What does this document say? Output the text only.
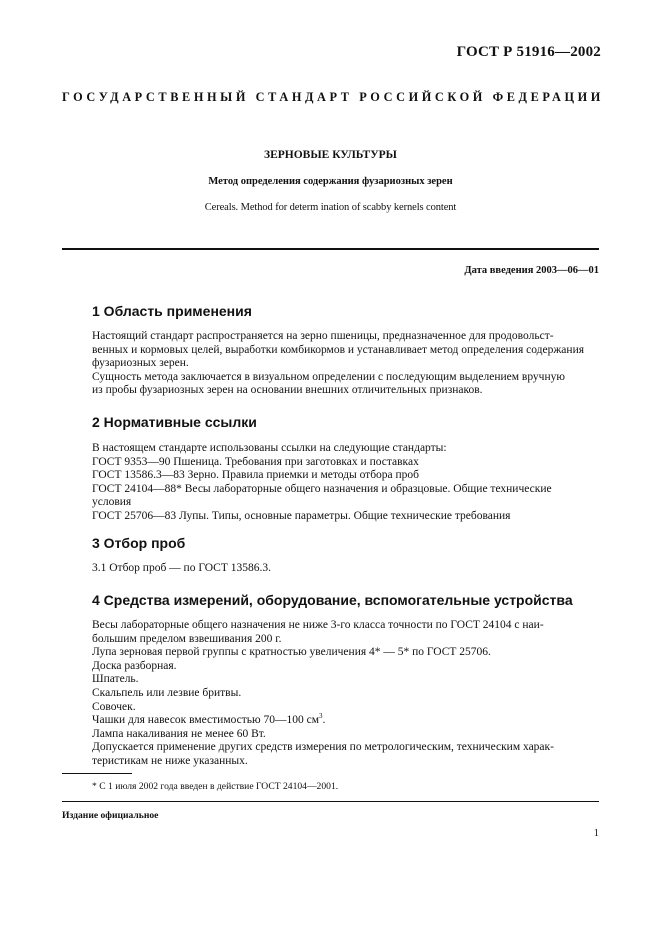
ГОСТ Р 51916—2002
ГОСУДАРСТВЕННЫЙ СТАНДАРТ РОССИЙСКОЙ ФЕДЕРАЦИИ
ЗЕРНОВЫЕ КУЛЬТУРЫ
Метод определения содержания фузариозных зерен
Cereals. Method for determ ination of scabby kernels content
Дата введения 2003—06—01
1 Область применения

Настоящий стандарт распространяется на зерно пшеницы, предназначенное для продовольст-

венных и кормовых целей, выработки комбикормов и устанавливает метод определения содержания

фузариозных зерен.

Сущность метода заключается в визуальном определении с последующим выделением вручную

из пробы фузариозных зерен на основании внешних отличительных признаков.

2 Нормативные ссылки

В настоящем стандарте использованы ссылки на следующие стандарты:

ГОСТ 9353—90 Пшеница. Требования при заготовках и поставках

ГОСТ 13586.3—83 Зерно. Правила приемки и методы отбора проб

ГОСТ 24104—88* Весы лабораторные общего назначения и образцовые. Общие технические

условия

ГОСТ 25706—83 Лупы. Типы, основные параметры. Общие технические требования

3 Отбор проб

3.1 Отбор проб — по ГОСТ 13586.3.

4 Средства измерений, оборудование, вспомогательные устройства

Весы лабораторные общего назначения не ниже 3-го класса точности по ГОСТ 24104 с наи-

большим пределом взвешивания 200 г.

Лупа зерновая первой группы с кратностью увеличения 4* — 5* по ГОСТ 25706.

Доска разборная.

Шпатель.

Скальпель или лезвие бритвы.

Совочек.

Чашки для навесок вместимостью 70—100 $см^3$.

Лампа накаливания не менее 60 Вт.

Допускается применение других средств измерения по метрологическим, техническим харак-

теристикам не ниже указанных.

* С 1 июля 2002 года введен в действие ГОСТ 24104—2001.
Издание официальное
1
